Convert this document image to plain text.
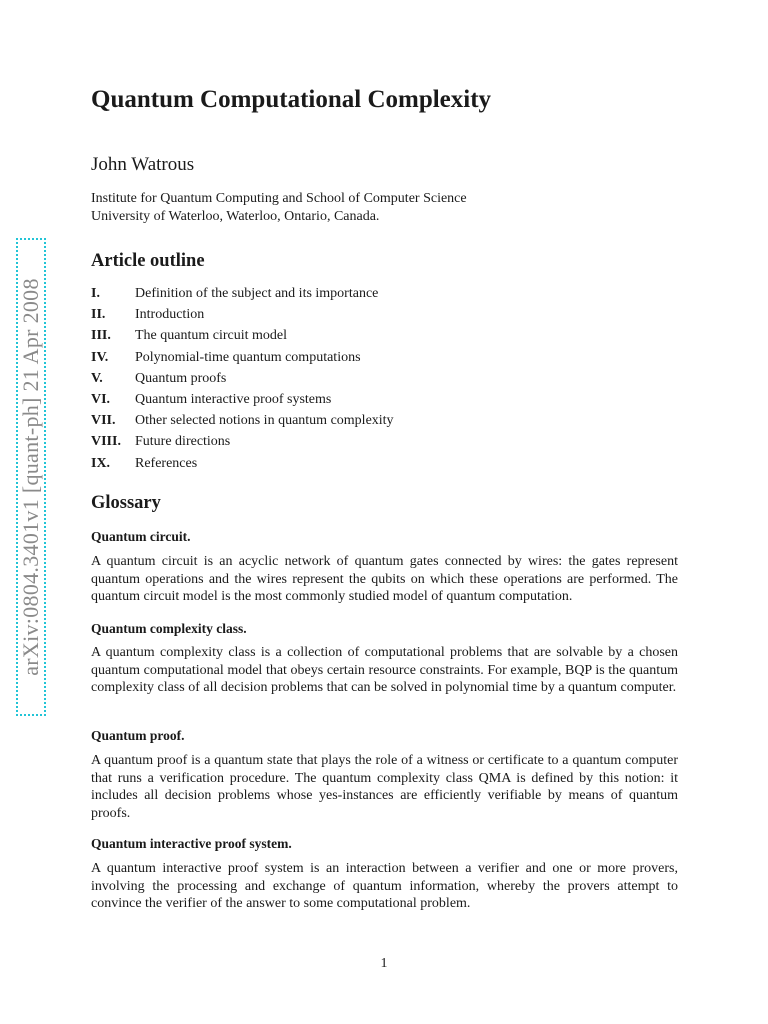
arXiv:0804.3401v1 [quant-ph] 21 Apr 2008
Quantum Computational Complexity

John Watrous

Institute for Quantum Computing and School of Computer Science
University of Waterloo, Waterloo, Ontario, Canada.
Article outline
I.	Definition of the subject and its importance
II.	Introduction
III.	The quantum circuit model
IV.	Polynomial-time quantum computations
V.	Quantum proofs
VI.	Quantum interactive proof systems
VII.	Other selected notions in quantum complexity
VIII.	Future directions
IX.	References
Glossary
Quantum circuit.

A quantum circuit is an acyclic network of quantum gates connected by wires: the gates represent quantum operations and the wires represent the qubits on which these operations are performed. The quantum circuit model is the most commonly studied model of quantum computation.

Quantum complexity class.

A quantum complexity class is a collection of computational problems that are solvable by a chosen quantum computational model that obeys certain resource constraints. For example, BQP is the quantum complexity class of all decision problems that can be solved in polynomial time by a quantum computer.

Quantum proof.

A quantum proof is a quantum state that plays the role of a witness or certificate to a quantum computer that runs a verification procedure. The quantum complexity class QMA is defined by this notion: it includes all decision problems whose yes-instances are efficiently verifiable by means of quantum proofs.

Quantum interactive proof system.

A quantum interactive proof system is an interaction between a verifier and one or more provers, involving the processing and exchange of quantum information, whereby the provers attempt to convince the verifier of the answer to some computational problem.

1
